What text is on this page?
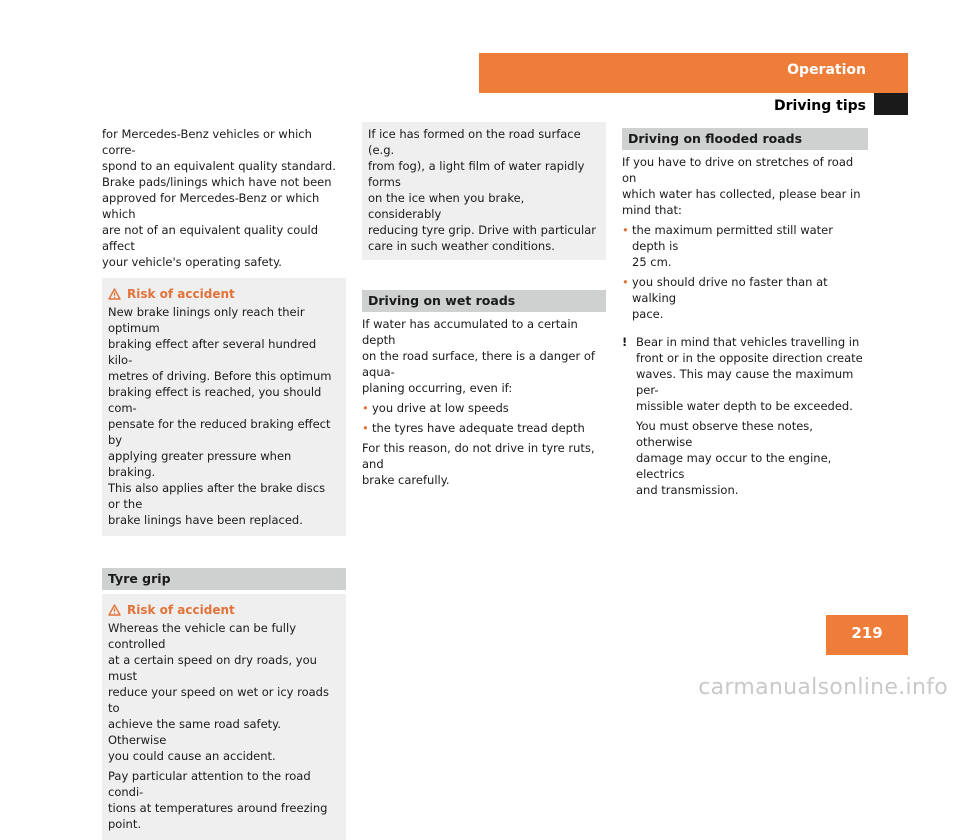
Operation
Driving tips

for Mercedes-Benz vehicles or which corre-
spond to an equivalent quality standard.
Brake pads/linings which have not been
approved for Mercedes-Benz or which which
are not of an equivalent quality could affect
your vehicle's operating safety.

Risk of accident

New brake linings only reach their optimum
braking effect after several hundred kilo-
metres of driving. Before this optimum
braking effect is reached, you should com-
pensate for the reduced braking effect by
applying greater pressure when braking.
This also applies after the brake discs or the
brake linings have been replaced.

Tyre grip
Risk of accident

Whereas the vehicle can be fully controlled
at a certain speed on dry roads, you must
reduce your speed on wet or icy roads to
achieve the same road safety. Otherwise
you could cause an accident.

Pay particular attention to the road condi-
tions at temperatures around freezing
point.

If ice has formed on the road surface (e.g.
from fog), a light film of water rapidly forms
on the ice when you brake, considerably
reducing tyre grip. Drive with particular
care in such weather conditions.

Driving on wet roads

If water has accumulated to a certain depth
on the road surface, there is a danger of aqua-
planing occurring, even if:

• you drive at low speeds
• the tyres have adequate tread depth

For this reason, do not drive in tyre ruts, and
brake carefully.

Driving on flooded roads

If you have to drive on stretches of road on
which water has collected, please bear in
mind that:

• the maximum permitted still water depth is
25 cm.
• you should drive no faster than at walking
pace.
! Bear in mind that vehicles travelling in
front or in the opposite direction create
waves. This may cause the maximum per-
missible water depth to be exceeded.

You must observe these notes, otherwise
damage may occur to the engine, electrics
and transmission.

219
carmanualsonline.info
